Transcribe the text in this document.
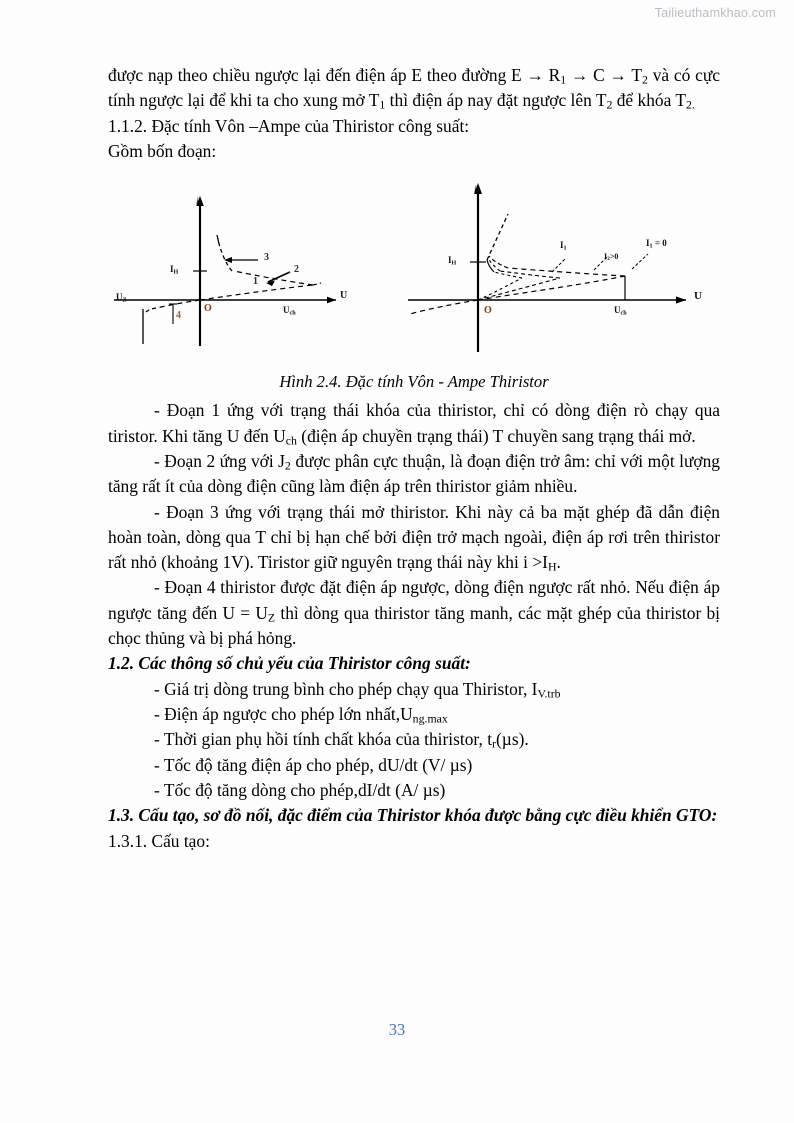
Tailieuthamkhao.com

được nạp theo chiều ngược lại đến điện áp E theo đường $E \to R_1 \to C \to T_2$ và có cực tính ngược lại để khi ta cho xung mở $T_1$ thì điện áp nay đặt ngược lên $T_2$ để khóa $T_{2.}$

1.1.2. Đặc tính Vôn –Ampe của Thiristor công suất:

Gồm bốn đoạn:

i
U
$I_H$
$U_Z$
$U_{ch}$
O
1
2
3
4
i
U
$I_H$
$U_{ch}$
O
$I_1$
$I_2>0$
$I_1 = 0$
Hình 2.4. Đặc tính Vôn - Ampe Thiristor

- Đoạn 1 ứng với trạng thái khóa của thiristor, chỉ có dòng điện rò chạy qua tiristor. Khi tăng U đến $U_{ch}$ (điện áp chuyền trạng thái) T chuyền sang trạng thái mở.

- Đoạn 2 ứng với $J_2$ được phân cực thuận, là đoạn điện trở âm: chỉ với một lượng tăng rất ít của dòng điện cũng làm điện áp trên thiristor giảm nhiều.

- Đoạn 3 ứng với trạng thái mở thiristor. Khi này cả ba mặt ghép đã dẫn điện hoàn toàn, dòng qua T chỉ bị hạn chế bởi điện trở mạch ngoài, điện áp rơi trên thiristor rất nhỏ (khoảng 1V). Tiristor giữ nguyên trạng thái này khi $i >I_H$.

- Đoạn 4 thiristor được đặt điện áp ngược, dòng điện ngược rất nhỏ. Nếu điện áp ngược tăng đến $U = U_Z$ thì dòng qua thiristor tăng manh, các mặt ghép của thiristor bị chọc thủng và bị phá hỏng.

1.2. Các thông số chủ yếu của Thiristor công suất:

- Giá trị dòng trung bình cho phép chạy qua Thiristor, $I_{V.trb}$

- Điện áp ngược cho phép lớn $nhất,U_{ng.max}$

- Thời gian phụ hồi tính chất khóa của thiristor, $t_r(\mu s)$.

- Tốc độ tăng điện áp cho phép, dU/dt (V/ µs)

- Tốc độ tăng dòng cho phép,dI/dt (A/ µs)

1.3. Cấu tạo, sơ đồ nối, đặc điểm của Thiristor khóa được bằng cực điều khiển GTO:

1.3.1. Cấu tạo:

33
